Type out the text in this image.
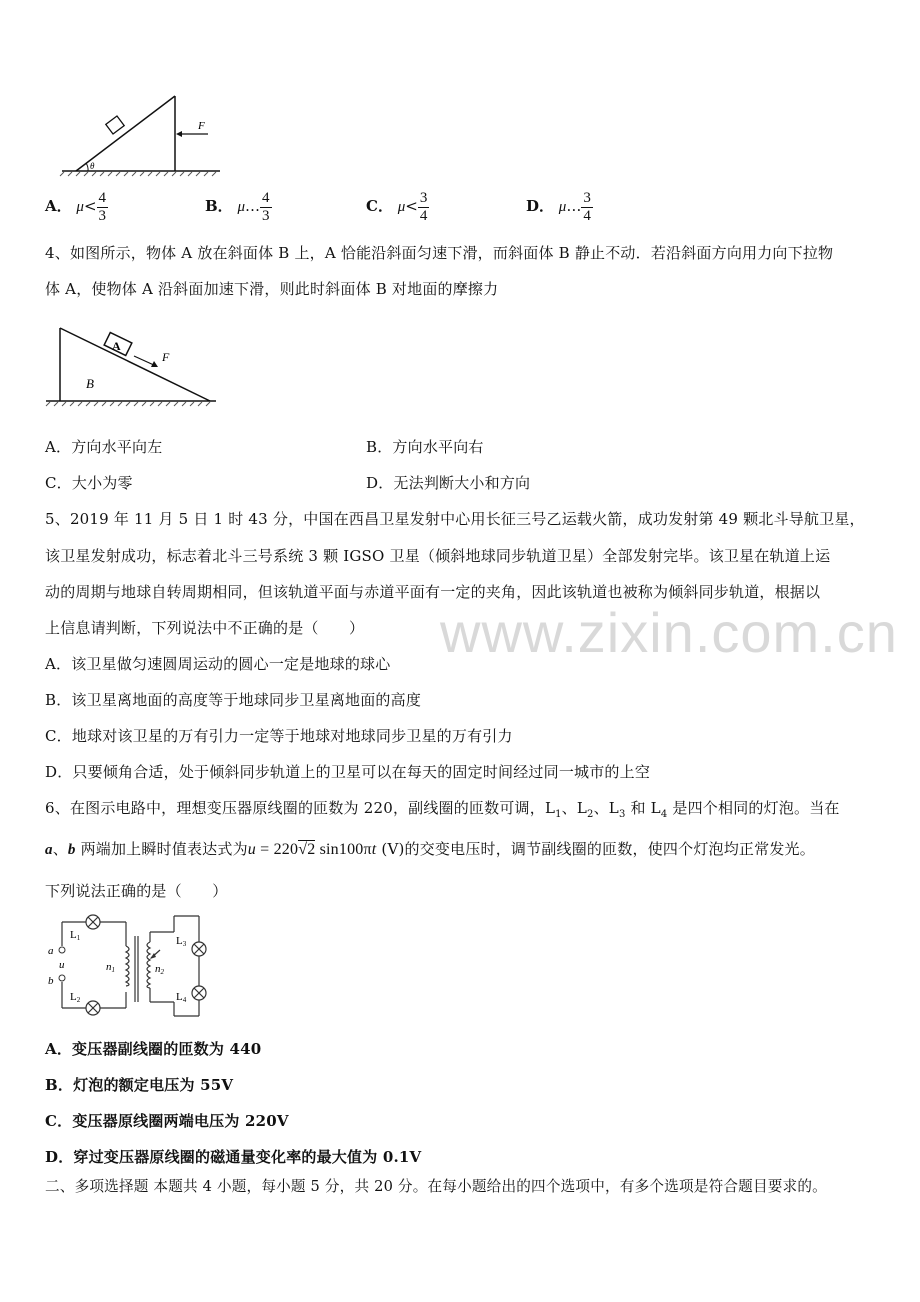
www.zixin.com.cn
F
θ
A． $\mu< \frac{4}{3}$	B． μ… $\frac{4}{3}$	C． $\mu< \frac{3}{4}$	D． μ… $\frac{3}{4}$
4、如图所示，物体 A 放在斜面体 B 上，A 恰能沿斜面匀速下滑，而斜面体 B 静止不动．若沿斜面方向用力向下拉物
体 A，使物体 A 沿斜面加速下滑，则此时斜面体 B 对地面的摩擦力
A
F
B
A．方向水平向左	B．方向水平向右
C．大小为零	D．无法判断大小和方向
5、2019 年 11 月 5 日 1 时 43 分，中国在西昌卫星发射中心用长征三号乙运载火箭，成功发射第 49 颗北斗导航卫星，
该卫星发射成功，标志着北斗三号系统 3 颗 IGSO 卫星（倾斜地球同步轨道卫星）全部发射完毕。该卫星在轨道上运
动的周期与地球自转周期相同，但该轨道平面与赤道平面有一定的夹角，因此该轨道也被称为倾斜同步轨道，根据以
上信息请判断，下列说法中不正确的是（　　）
A．该卫星做匀速圆周运动的圆心一定是地球的球心
B．该卫星离地面的高度等于地球同步卫星离地面的高度
C．地球对该卫星的万有引力一定等于地球对地球同步卫星的万有引力
D．只要倾角合适，处于倾斜同步轨道上的卫星可以在每天的固定时间经过同一城市的上空
6、在图示电路中，理想变压器原线圈的匝数为 220，副线圈的匝数可调，$L_1$、$L_2$、$L_3$ 和 $L_4$ 是四个相同的灯泡。当在
a、b 两端加上瞬时值表达式为u = 220√2 sin100πt (V)的交变电压时，调节副线圈的匝数，使四个灯泡均正常发光。
下列说法正确的是（　　）
a
u
b
L1
L2
L3
L4
n1	n2
A．变压器副线圈的匝数为 440
B．灯泡的额定电压为 55V
C．变压器原线圈两端电压为 220V
D．穿过变压器原线圈的磁通量变化率的最大值为 0.1V
二、多项选择题 本题共 4 小题，每小题 5 分，共 20 分。在每小题给出的四个选项中，有多个选项是符合题目要求的。
